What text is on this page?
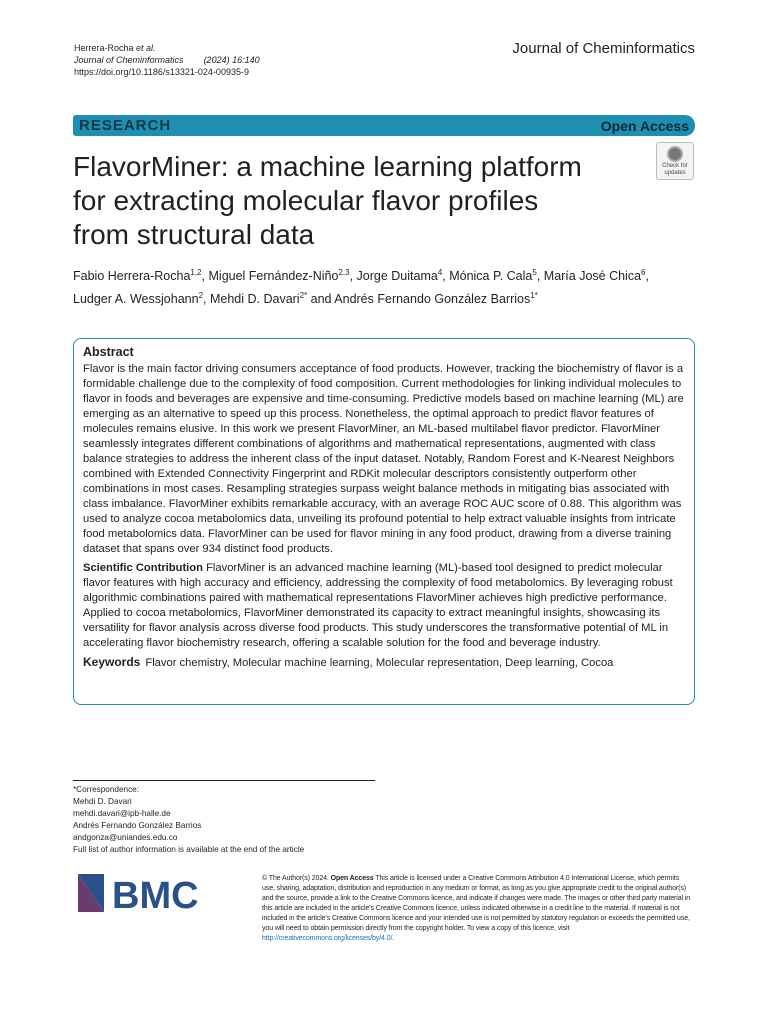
Herrera-Rocha et al.
Journal of Cheminformatics (2024) 16:140
https://doi.org/10.1186/s13321-024-00935-9
Journal of Cheminformatics
RESEARCH	Open Access
Check for
updates
FlavorMiner: a machine learning platform
for extracting molecular flavor profiles
from structural data
Fabio Herrera-Rocha$^{1,2}$, Miguel Fernández-Niño$^{2,3}$, Jorge Duitama$^4$, Mónica P. Cala$^5$, María José Chica$^6$,
Ludger A. Wessjohann$^2$, Mehdi D. Davari$^{2*}$ and Andrés Fernando González Barrios$^{1*}$
Abstract

Flavor is the main factor driving consumers acceptance of food products. However, tracking the biochemistry of flavor is a formidable challenge due to the complexity of food composition. Current methodologies for linking individual molecules to flavor in foods and beverages are expensive and time-consuming. Predictive models based on machine learning (ML) are emerging as an alternative to speed up this process. Nonetheless, the optimal approach to predict flavor features of molecules remains elusive. In this work we present FlavorMiner, an ML-based multilabel flavor predictor. FlavorMiner seamlessly integrates different combinations of algorithms and mathematical representations, augmented with class balance strategies to address the inherent class of the input dataset. Notably, Random Forest and K-Nearest Neighbors combined with Extended Connectivity Fingerprint and RDKit molecular descriptors consistently outperform other combinations in most cases. Resampling strategies surpass weight balance methods in mitigating bias associated with class imbalance. FlavorMiner exhibits remarkable accuracy, with an average ROC AUC score of 0.88. This algorithm was used to analyze cocoa metabolomics data, unveiling its profound potential to help extract valuable insights from intricate food metabolomics data. FlavorMiner can be used for flavor mining in any food product, drawing from a diverse training dataset that spans over 934 distinct food products.

Scientific Contribution FlavorMiner is an advanced machine learning (ML)-based tool designed to predict molecular flavor features with high accuracy and efficiency, addressing the complexity of food metabolomics. By leveraging robust algorithmic combinations paired with mathematical representations FlavorMiner achieves high predictive performance. Applied to cocoa metabolomics, FlavorMiner demonstrated its capacity to extract meaningful insights, showcasing its versatility for flavor analysis across diverse food products. This study underscores the transformative potential of ML in accelerating flavor biochemistry research, offering a scalable solution for the food and beverage industry.

Keywords Flavor chemistry, Molecular machine learning, Molecular representation, Deep learning, Cocoa
*Correspondence:
Mehdi D. Davari
mehdi.davari@ipb-halle.de
Andrés Fernando González Barrios
andgonza@uniandes.edu.co
Full list of author information is available at the end of the article
BMC	© The Author(s) 2024. Open Access This article is licensed under a Creative Commons Attribution 4.0 International License, which permits use, sharing, adaptation, distribution and reproduction in any medium or format, as long as you give appropriate credit to the original author(s) and the source, provide a link to the Creative Commons licence, and indicate if changes were made. The images or other third party material in this article are included in the article's Creative Commons licence, unless indicated otherwise in a credit line to the material. If material is not included in the article's Creative Commons licence and your intended use is not permitted by statutory regulation or exceeds the permitted use, you will need to obtain permission directly from the copyright holder. To view a copy of this licence, visit http://creativecommons.org/licenses/by/4.0/.
